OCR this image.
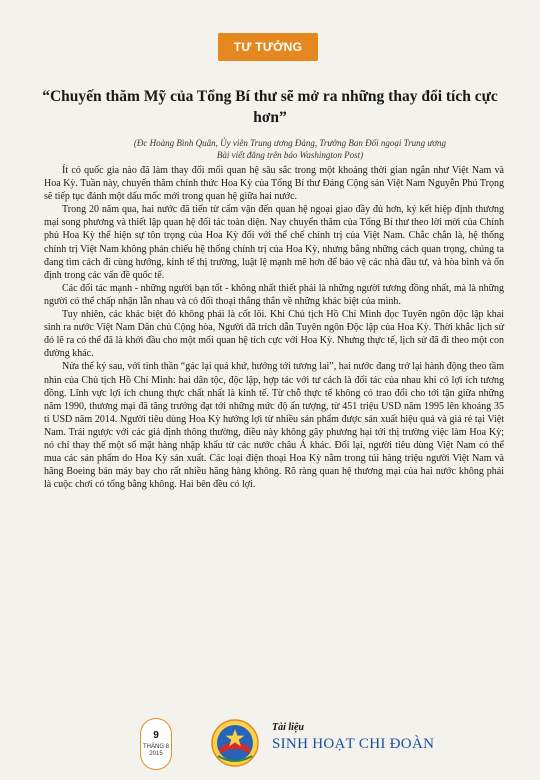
TƯ TƯỞNG
“Chuyến thăm Mỹ của Tổng Bí thư sẽ mở ra những thay đổi tích cực hơn”
(Đc Hoàng Bình Quân, Ủy viên Trung ương Đảng, Trưởng Ban Đối ngoại Trung ương
Bài viết đăng trên báo Washington Post)

Ít có quốc gia nào đã làm thay đổi mối quan hệ sâu sắc trong một khoảng thời gian ngắn như Việt Nam và Hoa Kỳ. Tuần này, chuyến thăm chính thức Hoa Kỳ của Tổng Bí thư Đảng Cộng sản Việt Nam Nguyễn Phú Trọng sẽ tiếp tục đánh một dấu mốc mới trong quan hệ giữa hai nước.

Trong 20 năm qua, hai nước đã tiến từ cấm vận đến quan hệ ngoại giao đầy đủ hơn, ký kết hiệp định thương mại song phương và thiết lập quan hệ đối tác toàn diện. Nay chuyến thăm của Tổng Bí thư theo lời mời của Chính phủ Hoa Kỳ thể hiện sự tôn trọng của Hoa Kỳ đối với thể chế chính trị của Việt Nam. Chắc chắn là, hệ thống chính trị Việt Nam không phản chiếu hệ thống chính trị của Hoa Kỳ, nhưng bằng những cách quan trọng, chúng ta đang tìm cách đi cùng hướng, kinh tế thị trường, luật lệ mạnh mẽ hơn để bảo vệ các nhà đầu tư, và hòa bình và ổn định trong các vấn đề quốc tế.

Các đối tác mạnh - những người bạn tốt - không nhất thiết phải là những người tương đồng nhất, mà là những người có thể chấp nhận lẫn nhau và có đối thoại thẳng thắn về những khác biệt của mình.

Tuy nhiên, các khác biệt đó không phải là cốt lõi. Khi Chủ tịch Hồ Chí Minh đọc Tuyên ngôn độc lập khai sinh ra nước Việt Nam Dân chủ Cộng hòa, Người đã trích dẫn Tuyên ngôn Độc lập của Hoa Kỳ. Thời khắc lịch sử đó lẽ ra có thể đã là khởi đầu cho một mối quan hệ tích cực với Hoa Kỳ. Nhưng thực tế, lịch sử đã đi theo một con đường khác.

Nửa thế kỷ sau, với tinh thần “gác lại quá khứ, hướng tới tương lai”, hai nước đang trở lại hành động theo tầm nhìn của Chủ tịch Hồ Chí Minh: hai dân tộc, độc lập, hợp tác với tư cách là đối tác của nhau khi có lợi ích tương đồng. Lĩnh vực lợi ích chung thực chất nhất là kinh tế. Từ chỗ thực tế không có trao đổi cho tới tận giữa những năm 1990, thương mại đã tăng trưởng đạt tới những mức độ ấn tượng, từ 451 triệu USD năm 1995 lên khoảng 35 tỉ USD năm 2014. Người tiêu dùng Hoa Kỳ hưởng lợi từ nhiều sản phẩm được sản xuất hiệu quả và giá rẻ tại Việt Nam. Trái ngược với các giả định thông thường, điều này không gây phương hại tới thị trường việc làm Hoa Kỳ; nó chỉ thay thế một số mặt hàng nhập khẩu từ các nước châu Á khác. Đổi lại, người tiêu dùng Việt Nam có thể mua các sản phẩm do Hoa Kỳ sản xuất. Các loại điện thoại Hoa Kỳ nằm trong túi hàng triệu người Việt Nam và hãng Boeing bán máy bay cho rất nhiều hãng hàng không. Rõ ràng quan hệ thương mại của hai nước không phải là cuộc chơi có tổng bằng không. Hai bên đều có lợi.

9
THÁNG 8 2015
Tài liệu
SINH HOẠT CHI ĐOÀN
